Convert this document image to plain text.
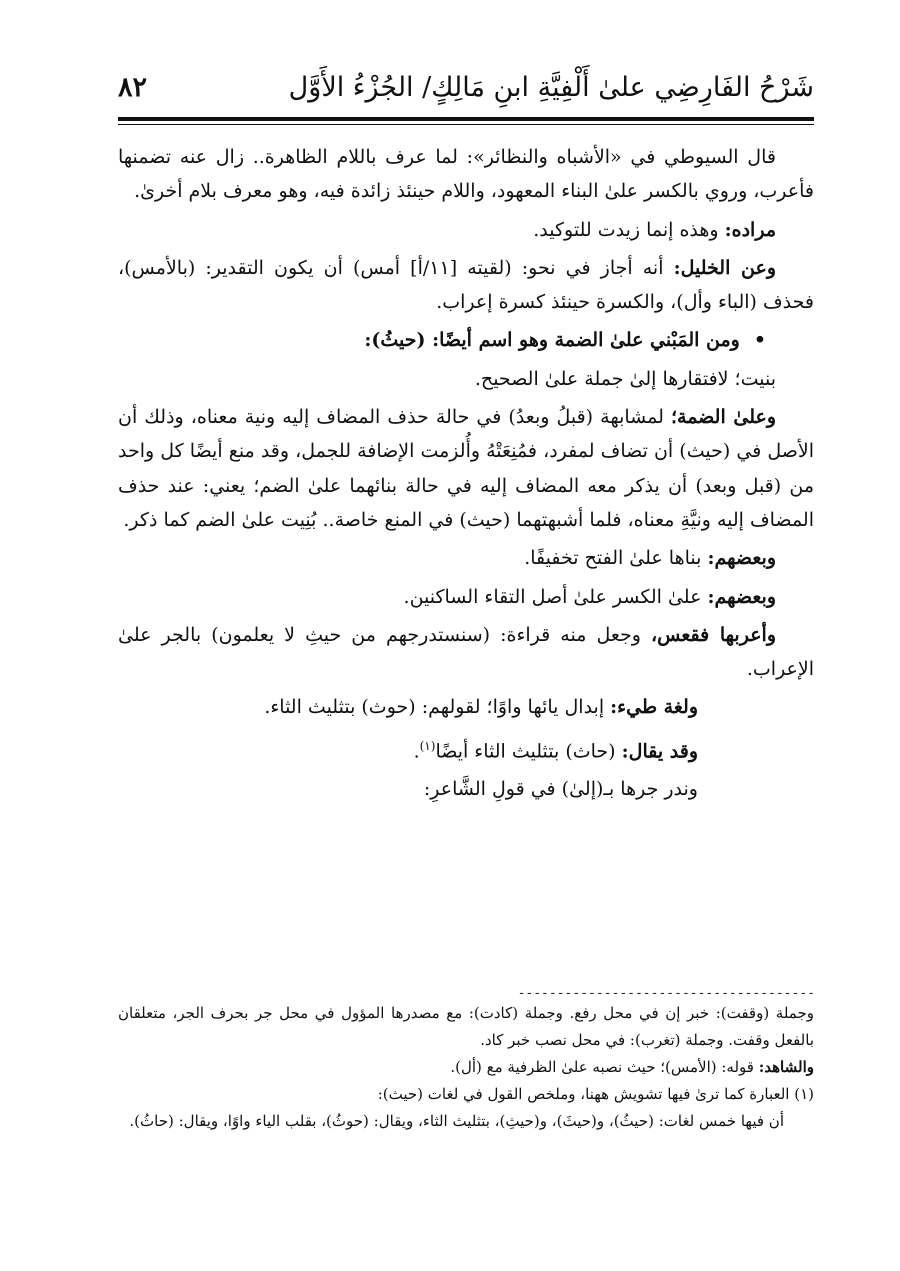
شَرْحُ الفَارِضِي علىٰ أَلْفِيَّةِ ابنِ مَالِكٍ/ الجُزْءُ الأَوَّل
٨٢

قال السيوطي في «الأشباه والنظائر»: لما عرف باللام الظاهرة.. زال عنه تضمنها فأعرب، وروي بالكسر علىٰ البناء المعهود، واللام حينئذ زائدة فيه، وهو معرف بلام أخرىٰ.

مراده: وهذه إنما زيدت للتوكيد.

وعن الخليل: أنه أجاز في نحو: (لقيته [١١/أ] أمس) أن يكون التقدير: (بالأمس)، فحذف (الباء وأل)، والكسرة حينئذ كسرة إعراب.

•ومن المَبْني علىٰ الضمة وهو اسم أيضًا: (حيثُ):

بنيت؛ لافتقارها إلىٰ جملة علىٰ الصحيح.

وعلىٰ الضمة؛ لمشابهة (قبلُ وبعدُ) في حالة حذف المضاف إليه ونية معناه، وذلك أن الأصل في (حيث) أن تضاف لمفرد، فمُنِعَتْهُ وأُلزمت الإضافة للجمل، وقد منع أيضًا كل واحد من (قبل وبعد) أن يذكر معه المضاف إليه في حالة بنائهما علىٰ الضم؛ يعني: عند حذف المضاف إليه ونيَّةِ معناه، فلما أشبهتهما (حيث) في المنع خاصة.. بُنِيت علىٰ الضم كما ذكر.

وبعضهم: بناها علىٰ الفتح تخفيفًا.

وبعضهم: علىٰ الكسر علىٰ أصل التقاء الساكنين.

وأعربها فقعس، وجعل منه قراءة: (سنستدرجهم من حيثِ لا يعلمون) بالجر علىٰ الإعراب.

ولغة طيء: إبدال يائها واوًا؛ لقولهم: (حوث) بتثليث الثاء.

وقد يقال: (حاث) بتثليث الثاء أيضًا$^{(١)}$.

وندر جرها بـ(إلىٰ) في قولِ الشَّاعرِ:

--------------------------------------

وجملة (وقفت): خبر إن في محل رفع. وجملة (كادت): مع مصدرها المؤول في محل جر بحرف الجر، متعلقان بالفعل وقفت. وجملة (تغرب): في محل نصب خبر كاد.

والشاهد: قوله: (الأمس)؛ حيث نصبه علىٰ الظرفية مع (أل).

(١) العبارة كما ترىٰ فيها تشويش ههنا، وملخص القول في لغات (حيث):

أن فيها خمس لغات: (حيثُ)، و(حيثَ)، و(حيثِ)، بتثليث الثاء، ويقال: (حوثُ)، بقلب الياء واوًا، ويقال: (حاثُ).
